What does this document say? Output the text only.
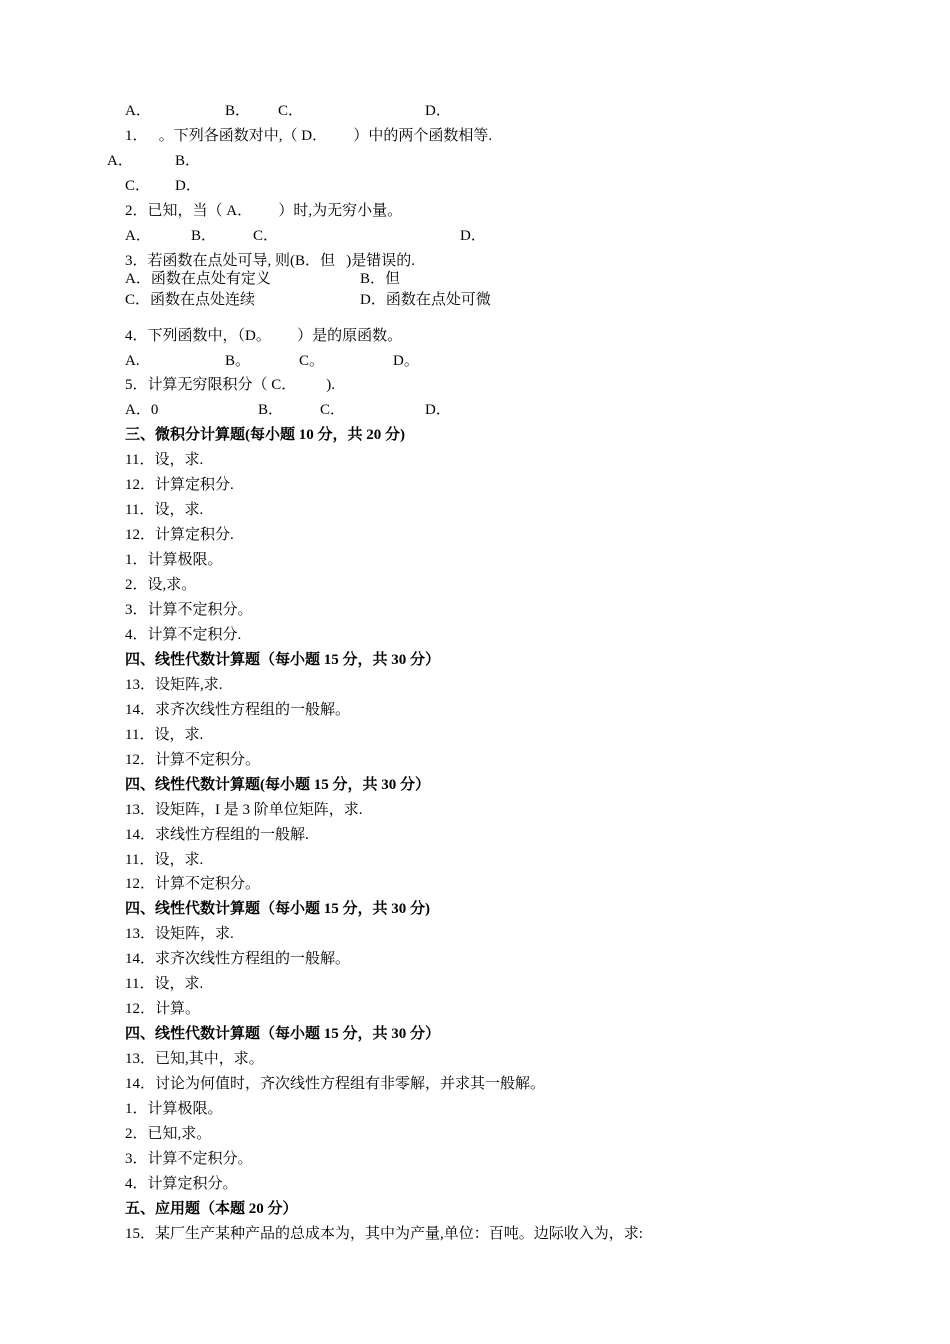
A．	B． C．	D．
1．   。下列各函数对中,（ D．       ）中的两个函数相等.
A．	B．
C． D．
2．已知，当（ A．       ）时,为无穷小量。
A．	B． C．	D．
3．若函数在点处可导, 则(B．但   )是错误的.
A．函数在点处有定义	B．但
C．函数在点处连续	D．函数在点处可微
4．下列函数中，（D。       ）是的原函数。
A.	B。	C。	D。
5．计算无穷限积分（ C．        ).
A．0	B． C．	D．
三、微积分计算题(每小题 10 分，共 20 分)
11．设，求.
12．计算定积分.
11．设，求.
12．计算定积分.
1．计算极限。
2．设,求。
3．计算不定积分。
4．计算不定积分.
四、线性代数计算题（每小题 15 分，共 30 分）
13．设矩阵,求.
14．求齐次线性方程组的一般解。
11．设，求.
12．计算不定积分。
四、线性代数计算题(每小题 15 分，共 30 分）
13．设矩阵，I 是 3 阶单位矩阵，求.
14．求线性方程组的一般解.
11．设，求.
12．计算不定积分。
四、线性代数计算题（每小题 15 分，共 30 分)
13．设矩阵，求.
14．求齐次线性方程组的一般解。
11．设，求.
12．计算。
四、线性代数计算题（每小题 15 分，共 30 分）
13．已知,其中，求。
14．讨论为何值时，齐次线性方程组有非零解，并求其一般解。
1．计算极限。
2．已知,求。
3．计算不定积分。
4．计算定积分。
五、应用题（本题 20 分）
15．某厂生产某种产品的总成本为，其中为产量,单位：百吨。边际收入为，求:
